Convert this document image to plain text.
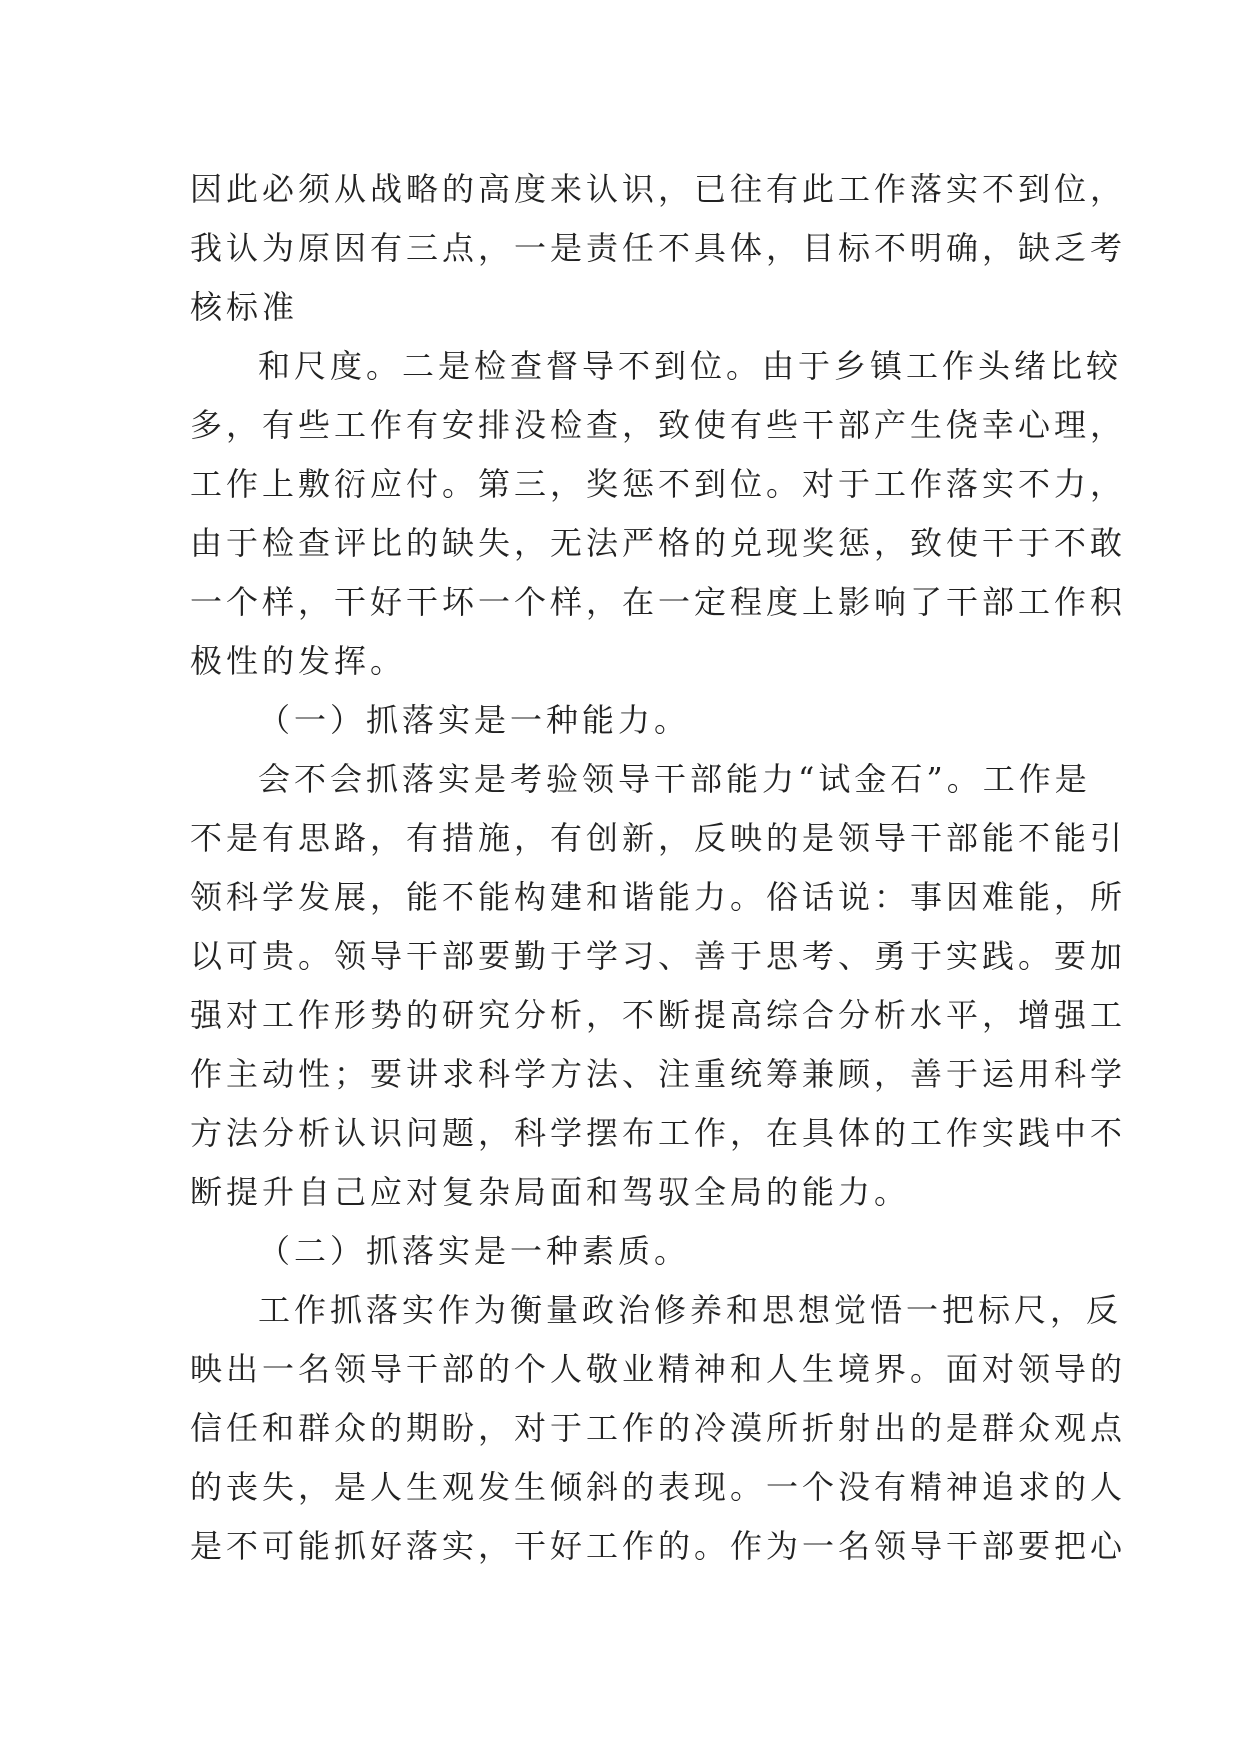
因此必须从战略的高度来认识，已往有此工作落实不到位，
我认为原因有三点，一是责任不具体，目标不明确，缺乏考
核标准
和尺度。二是检查督导不到位。由于乡镇工作头绪比较
多，有些工作有安排没检查，致使有些干部产生侥幸心理，
工作上敷衍应付。第三，奖惩不到位。对于工作落实不力，
由于检查评比的缺失，无法严格的兑现奖惩，致使干于不敢
一个样，干好干坏一个样，在一定程度上影响了干部工作积
极性的发挥。
（一）抓落实是一种能力。
会不会抓落实是考验领导干部能力“试金石”。工作是
不是有思路，有措施，有创新，反映的是领导干部能不能引
领科学发展，能不能构建和谐能力。俗话说：事因难能，所
以可贵。领导干部要勤于学习、善于思考、勇于实践。要加
强对工作形势的研究分析，不断提高综合分析水平，增强工
作主动性；要讲求科学方法、注重统筹兼顾，善于运用科学
方法分析认识问题，科学摆布工作，在具体的工作实践中不
断提升自己应对复杂局面和驾驭全局的能力。
（二）抓落实是一种素质。
工作抓落实作为衡量政治修养和思想觉悟一把标尺，反
映出一名领导干部的个人敬业精神和人生境界。面对领导的
信任和群众的期盼，对于工作的冷漠所折射出的是群众观点
的丧失，是人生观发生倾斜的表现。一个没有精神追求的人
是不可能抓好落实，干好工作的。作为一名领导干部要把心
